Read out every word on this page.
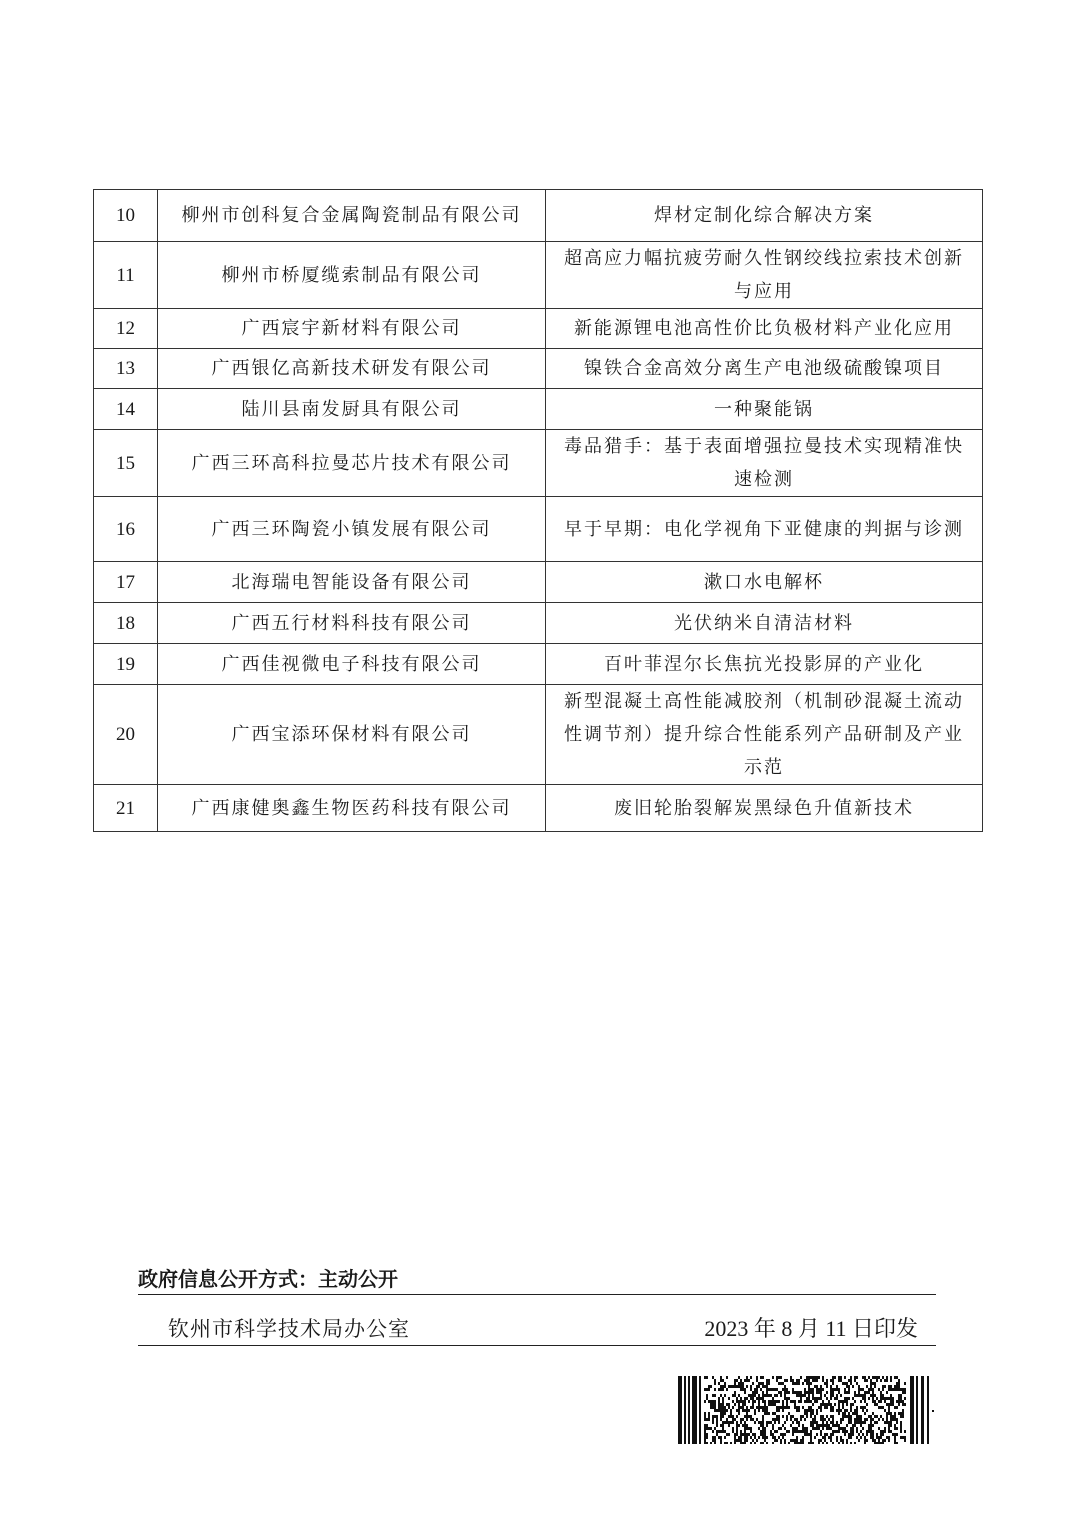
10	柳州市创科复合金属陶瓷制品有限公司	焊材定制化综合解决方案
11	柳州市桥厦缆索制品有限公司	超高应力幅抗疲劳耐久性钢绞线拉索技术创新与应用
12	广西宸宇新材料有限公司	新能源锂电池高性价比负极材料产业化应用
13	广西银亿高新技术研发有限公司	镍铁合金高效分离生产电池级硫酸镍项目
14	陆川县南发厨具有限公司	一种聚能锅
15	广西三环高科拉曼芯片技术有限公司	毒品猎手：基于表面增强拉曼技术实现精准快速检测
16	广西三环陶瓷小镇发展有限公司	早于早期：电化学视角下亚健康的判据与诊测
17	北海瑞电智能设备有限公司	漱口水电解杯
18	广西五行材料科技有限公司	光伏纳米自清洁材料
19	广西佳视微电子科技有限公司	百叶菲涅尔长焦抗光投影屏的产业化
20	广西宝添环保材料有限公司	新型混凝土高性能减胶剂（机制砂混凝土流动性调节剂）提升综合性能系列产品研制及产业示范
21	广西康健奥鑫生物医药科技有限公司	废旧轮胎裂解炭黑绿色升值新技术
政府信息公开方式：主动公开
钦州市科学技术局办公室	2023 年 8 月 11 日印发
